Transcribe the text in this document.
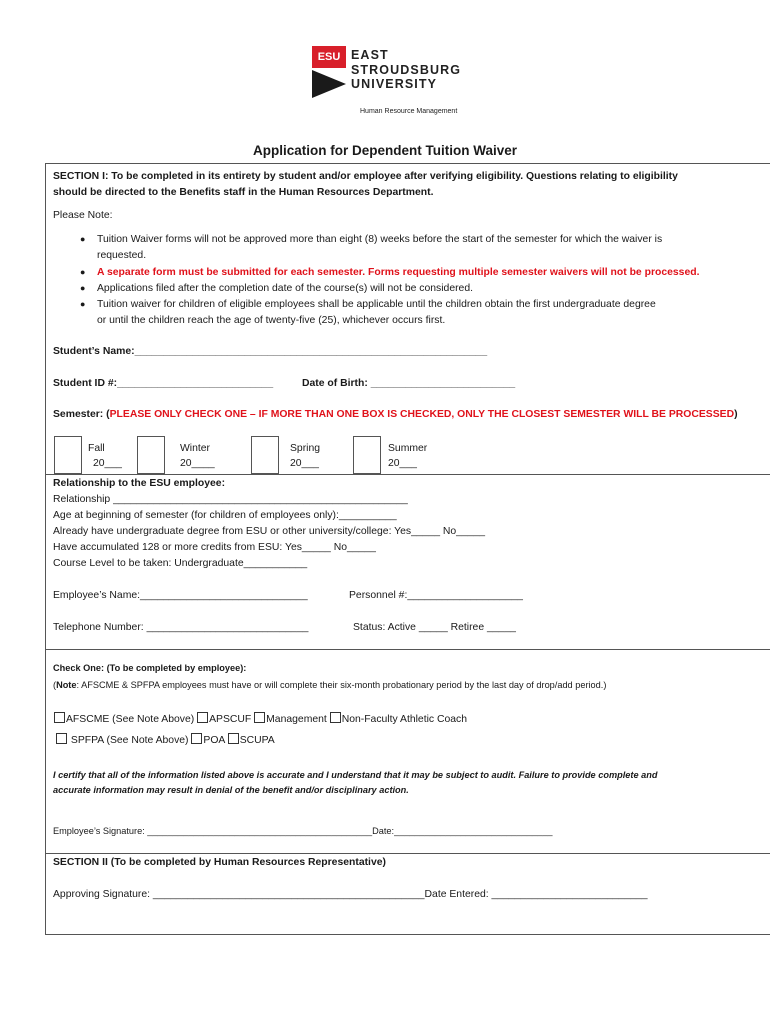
ESU EAST
STROUDSBURG
UNIVERSITY
Human Resource Management
Application for Dependent Tuition Waiver
SECTION I: To be completed in its entirety by student and/or employee after verifying eligibility. Questions relating to eligibility
should be directed to the Benefits staff in the Human Resources Department.
Please Note:
● Tuition Waiver forms will not be approved more than eight (8) weeks before the start of the semester for which the waiver is
requested.
● A separate form must be submitted for each semester. Forms requesting multiple semester waivers will not be processed.
● Applications filed after the completion date of the course(s) will not be considered.
● Tuition waiver for children of eligible employees shall be applicable until the children obtain the first undergraduate degree
or until the children reach the age of twenty-five (25), whichever occurs first.
Student’s Name:_____________________________________________________________
Student ID #:___________________________	Date of Birth: _________________________
Semester: (PLEASE ONLY CHECK ONE – IF MORE THAN ONE BOX IS CHECKED, ONLY THE CLOSEST SEMESTER WILL BE PROCESSED)
Fall
20___
Winter
20____
Spring
20___
Summer
20___
Relationship to the ESU employee:
Relationship ___________________________________________________
Age at beginning of semester (for children of employees only):__________
Already have undergraduate degree from ESU or other university/college: Yes_____ No_____
Have accumulated 128 or more credits from ESU: Yes_____ No_____
Course Level to be taken: Undergraduate___________
Employee’s Name:_____________________________	Personnel #:____________________
Telephone Number: ____________________________	Status: Active _____ Retiree _____
Check One: (To be completed by employee):
(Note: AFSCME & SPFPA employees must have or will complete their six-month probationary period by the last day of drop/add period.)
AFSCME (See Note Above) APSCUF Management Non-Faculty Athletic Coach
SPFPA (See Note Above) POA SCUPA
I certify that all of the information listed above is accurate and I understand that it may be subject to audit. Failure to provide complete and
accurate information may result in denial of the benefit and/or disciplinary action.
Employee’s Signature: ____________________________________________Date:_______________________________
SECTION II (To be completed by Human Resources Representative)
Approving Signature: _______________________________________________Date Entered: ___________________________
